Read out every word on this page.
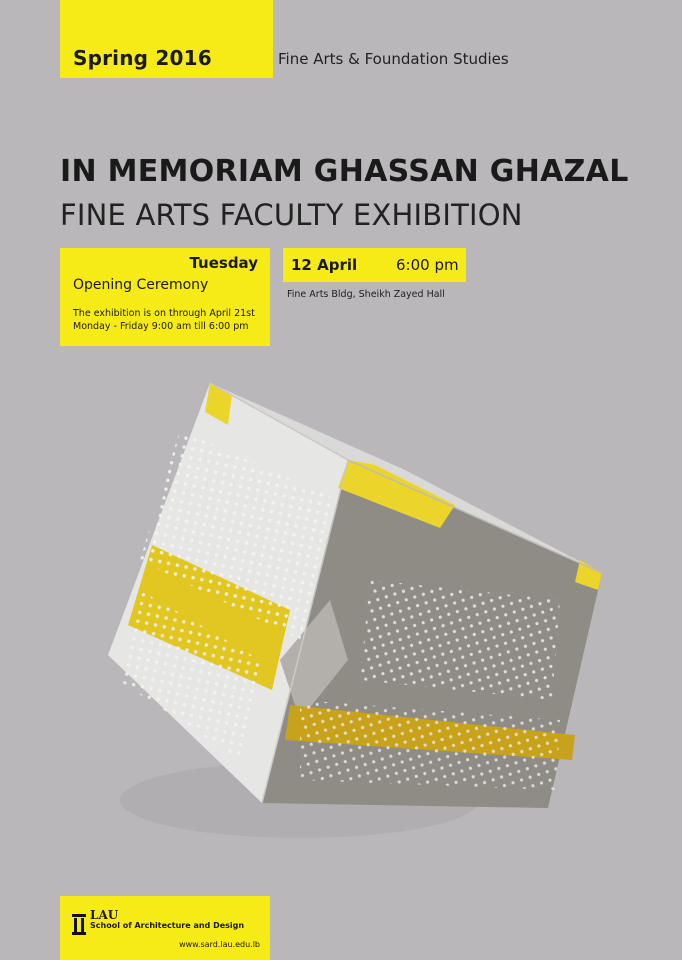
Spring 2016	Fine Arts & Foundation Studies
IN MEMORIAM GHASSAN GHAZAL
FINE ARTS FACULTY EXHIBITION
Tuesday
Opening Ceremony
The exhibition is on through April 21st
Monday - Friday 9:00 am till 6:00 pm
12 April	6:00 pm
Fine Arts Bldg, Sheikh Zayed Hall
LAU
School of Architecture and Design
www.sard.lau.edu.lb
